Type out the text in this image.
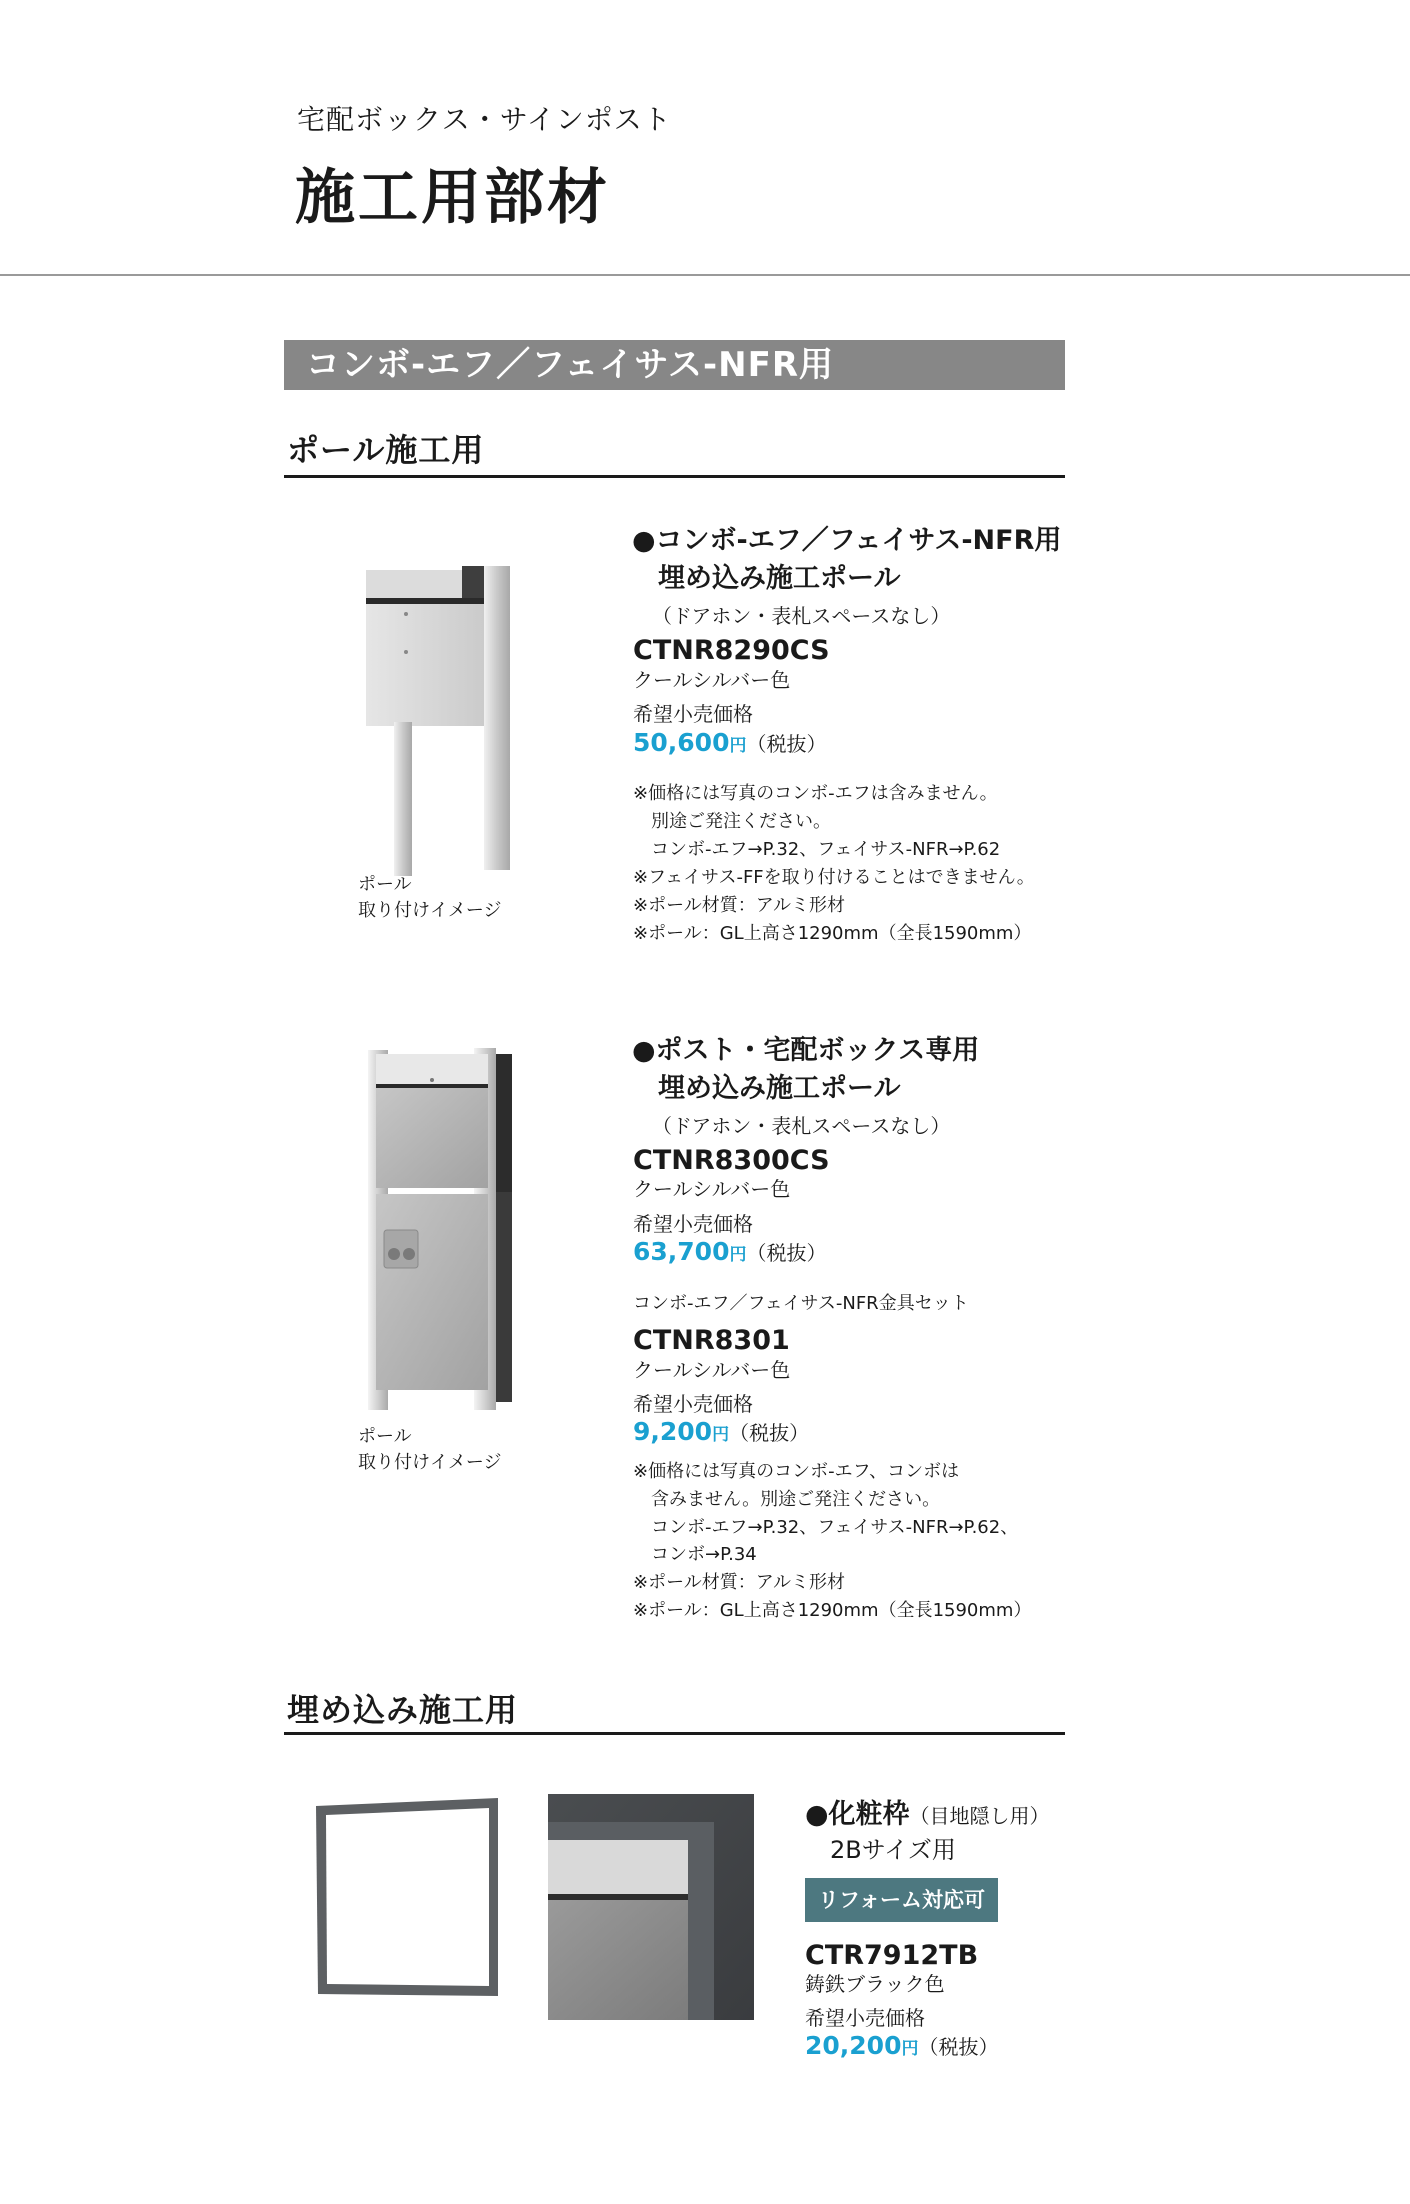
宅配ボックス・サインポスト
施工用部材
コンボ-エフ／フェイサス-NFR用
ポール施工用
ポール
取り付けイメージ
●コンボ-エフ／フェイサス-NFR用
埋め込み施工ポール
（ドアホン・表札スペースなし）
CTNR8290CS
クールシルバー色
希望小売価格
50,600円（税抜）
※価格には写真のコンボ-エフは含みません。
　別途ご発注ください。
　コンボ-エフ→P.32、フェイサス-NFR→P.62
※フェイサス-FFを取り付けることはできません。
※ポール材質：アルミ形材
※ポール：GL上高さ1290mm（全長1590mm）
ポール
取り付けイメージ
●ポスト・宅配ボックス専用
埋め込み施工ポール
（ドアホン・表札スペースなし）
CTNR8300CS
クールシルバー色
希望小売価格
63,700円（税抜）
コンボ-エフ／フェイサス-NFR金具セット
CTNR8301
クールシルバー色
希望小売価格
9,200円（税抜）
※価格には写真のコンボ-エフ、コンボは
　含みません。別途ご発注ください。
　コンボ-エフ→P.32、フェイサス-NFR→P.62、
　コンボ→P.34
※ポール材質：アルミ形材
※ポール：GL上高さ1290mm（全長1590mm）
埋め込み施工用
●化粧枠（目地隠し用）
2Bサイズ用
リフォーム対応可
CTR7912TB
鋳鉄ブラック色
希望小売価格
20,200円（税抜）
